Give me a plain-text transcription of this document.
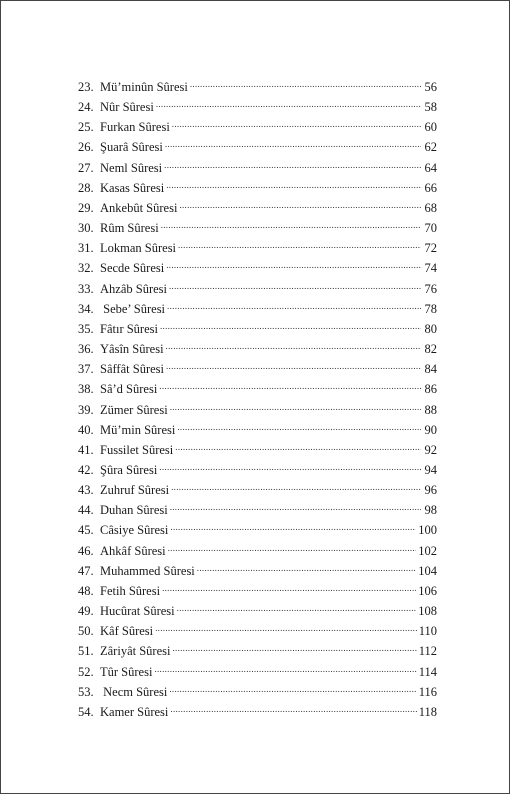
23. Mü’minûn Sûresi .....	56
24. Nûr Sûresi .....	58
25. Furkan Sûresi .....	60
26. Şuarâ Sûresi .....	62
27. Neml Sûresi .....	64
28. Kasas Sûresi .....	66
29. Ankebût Sûresi .....	68
30. Rûm Sûresi .....	70
31. Lokman Sûresi .....	72
32. Secde Sûresi .....	74
33. Ahzâb Sûresi .....	76
34. Sebe’ Sûresi .....	78
35. Fâtır Sûresi .....	80
36. Yâsîn Sûresi .....	82
37. Sâffât Sûresi .....	84
38. Sâ’d Sûresi .....	86
39. Zümer Sûresi .....	88
40. Mü’min Sûresi .....	90
41. Fussilet Sûresi .....	92
42. Şûra Sûresi .....	94
43. Zuhruf Sûresi .....	96
44. Duhan Sûresi .....	98
45. Câsiye Sûresi .....	100
46. Ahkâf Sûresi .....	102
47. Muhammed Sûresi .....	104
48. Fetih Sûresi .....	106
49. Hucûrat Sûresi .....	108
50. Kâf Sûresi .....	110
51. Zâriyât Sûresi .....	112
52. Tûr Sûresi .....	114
53. Necm Sûresi .....	116
54. Kamer Sûresi .....	118
